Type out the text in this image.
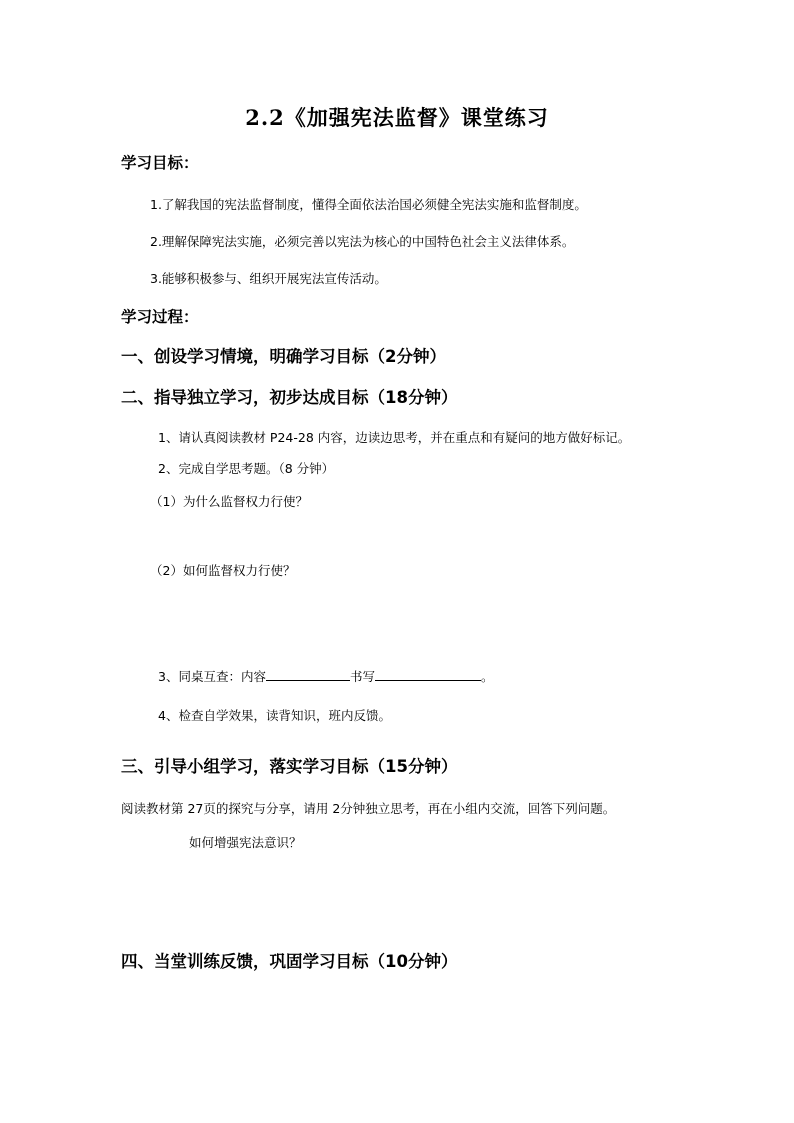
2.2《加强宪法监督》课堂练习
学习目标：
1.了解我国的宪法监督制度，懂得全面依法治国必须健全宪法实施和监督制度。
2.理解保障宪法实施，必须完善以宪法为核心的中国特色社会主义法律体系。
3.能够积极参与、组织开展宪法宣传活动。
学习过程：
一、创设学习情境，明确学习目标（2分钟）
二、指导独立学习，初步达成目标（18分钟）
1、请认真阅读教材 P24-28 内容，边读边思考，并在重点和有疑问的地方做好标记。
2、完成自学思考题。（8 分钟）
（1）为什么监督权力行使？
（2）如何监督权力行使？
3、同桌互查：内容	书写	。
4、检查自学效果，读背知识，班内反馈。
三、引导小组学习，落实学习目标（15分钟）
阅读教材第 27页的探究与分享，请用 2分钟独立思考，再在小组内交流，回答下列问题。
如何增强宪法意识？
四、当堂训练反馈，巩固学习目标（10分钟）
